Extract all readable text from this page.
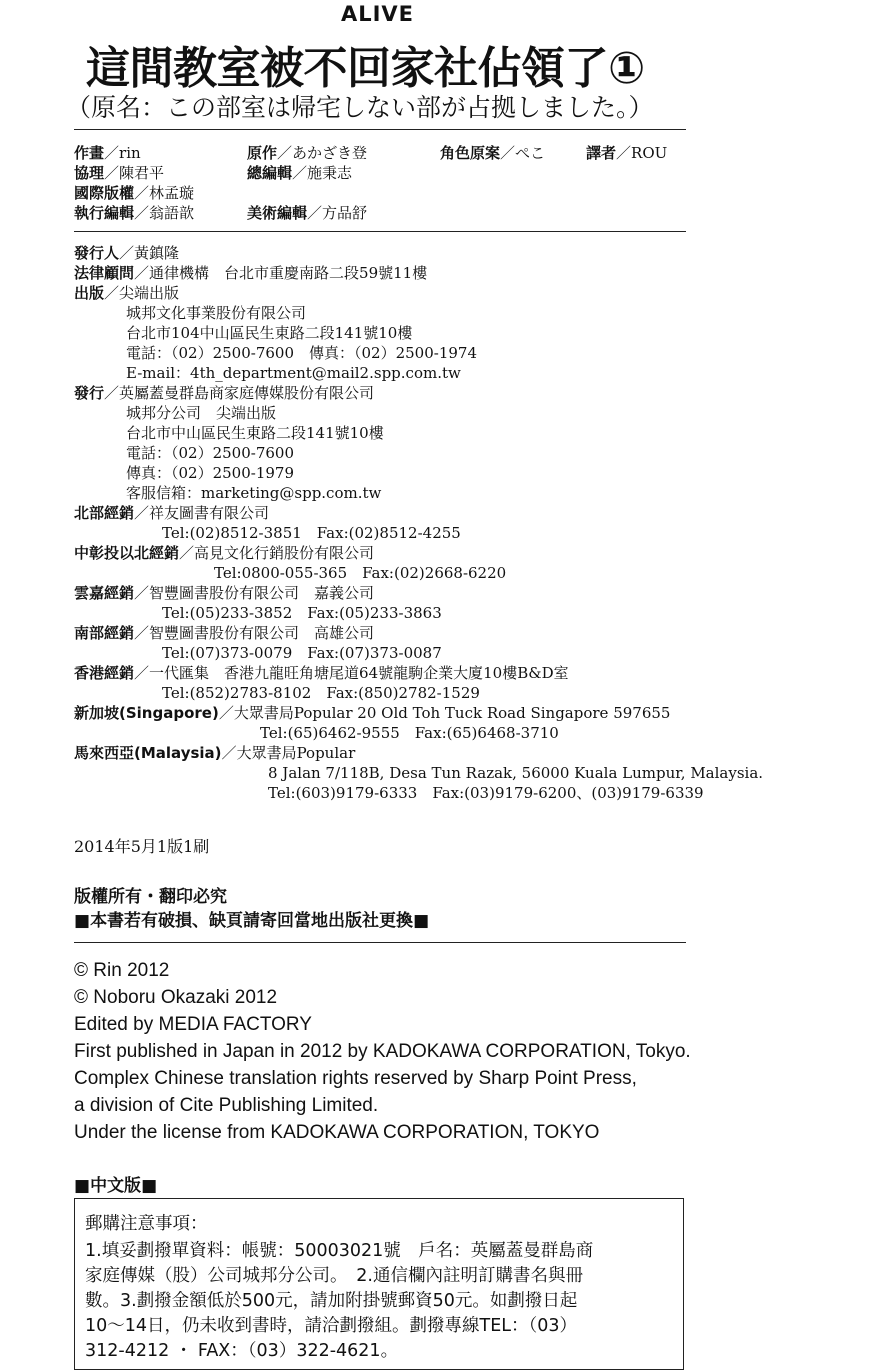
ALIVE
這間教室被不回家社佔領了①
（原名：この部室は帰宅しない部が占拠しました。）
作畫／rin	原作／あかざき登	角色原案／ぺこ	譯者／ROU
協理／陳君平	總編輯／施秉志
國際版權／林孟璇
執行編輯／翁語歆	美術編輯／方品舒
發行人／黃鎮隆
法律顧問／通律機構　台北市重慶南路二段59號11樓
出版／尖端出版
城邦文化事業股份有限公司
台北市104中山區民生東路二段141號10樓
電話：（02）2500-7600　傳真：（02）2500-1974
E-mail：4th_department@mail2.spp.com.tw
發行／英屬蓋曼群島商家庭傳媒股份有限公司
城邦分公司　尖端出版
台北市中山區民生東路二段141號10樓
電話：（02）2500-7600
傳真：（02）2500-1979
客服信箱：marketing@spp.com.tw
北部經銷／祥友圖書有限公司
Tel:(02)8512-3851　Fax:(02)8512-4255
中彰投以北經銷／高見文化行銷股份有限公司
Tel:0800-055-365　Fax:(02)2668-6220
雲嘉經銷／智豐圖書股份有限公司　嘉義公司
Tel:(05)233-3852　Fax:(05)233-3863
南部經銷／智豐圖書股份有限公司　高雄公司
Tel:(07)373-0079　Fax:(07)373-0087
香港經銷／一代匯集　香港九龍旺角塘尾道64號龍駒企業大廈10樓B&D室
Tel:(852)2783-8102　Fax:(850)2782-1529
新加坡(Singapore)／大眾書局Popular 20 Old Toh Tuck Road Singapore 597655
Tel:(65)6462-9555　Fax:(65)6468-3710
馬來西亞(Malaysia)／大眾書局Popular
8 Jalan 7/118B, Desa Tun Razak, 56000 Kuala Lumpur, Malaysia.
Tel:(603)9179-6333　Fax:(03)9179-6200、(03)9179-6339
2014年5月1版1刷
版權所有・翻印必究
■本書若有破損、缺頁請寄回當地出版社更換■
© Rin 2012
© Noboru Okazaki 2012
Edited by MEDIA FACTORY
First published in Japan in 2012 by KADOKAWA CORPORATION, Tokyo.
Complex Chinese translation rights reserved by Sharp Point Press,
a division of Cite Publishing Limited.
Under the license from KADOKAWA CORPORATION, TOKYO
■中文版■
郵購注意事項：
1.填妥劃撥單資料：帳號：50003021號　戶名：英屬蓋曼群島商
家庭傳媒（股）公司城邦分公司。　2.通信欄內註明訂購書名與冊
數。3.劃撥金額低於500元，請加附掛號郵資50元。如劃撥日起
10～14日，仍未收到書時，請洽劃撥組。劃撥專線TEL：（03）
312-4212 ・ FAX：（03）322-4621。
